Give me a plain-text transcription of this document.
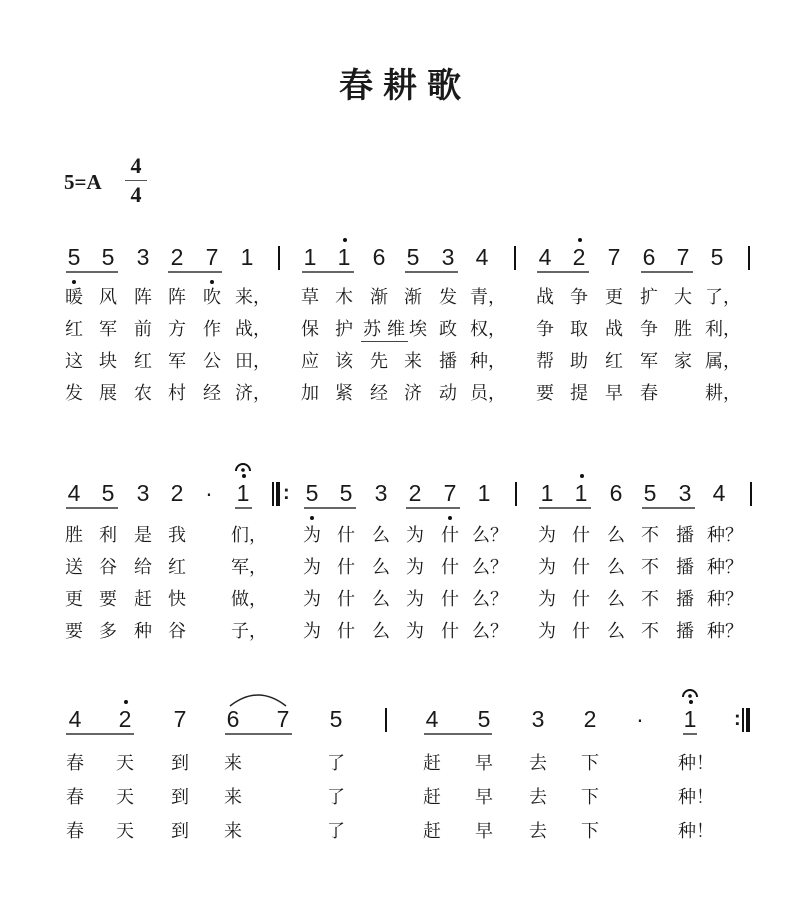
春耕歌
5=A
4
4
5 5 3 2 7 1 1 1 6 5 3 4 4 2 7 6 7 5
暖 风 阵 阵 吹 来， 草 木 渐 渐 发 青， 战 争 更 扩 大 了，
红 军 前 方 作 战， 保 护 苏 维 埃 政 权， 争 取 战 争 胜 利，
这 块 红 军 公 田， 应 该 先 来 播 种， 帮 助 红 军 家 属，
发 展 农 村 经 济， 加 紧 经 济 动 员， 要 提 早 春	耕，
4 5 3 2 ·	1 5 5 3 2 7 1 1 1 6 5 3 4
胜 利 是 我	们， 为 什 么 为 什 么？ 为 什 么 不 播 种？
送 谷 给 红	军， 为 什 么 为 什 么？ 为 什 么 不 播 种？
更 要 赶 快	做， 为 什 么 为 什 么？ 为 什 么 不 播 种？
要 多 种 谷	子， 为 什 么 为 什 么？ 为 什 么 不 播 种？
:
4 2 7 6 7 5	4 5 3 2	·	1
春 天 到 来	了	赶 早 去 下	种！
春 天 到 来	了	赶 早 去 下	种！
春 天 到 来	了	赶 早 去 下	种！
:
